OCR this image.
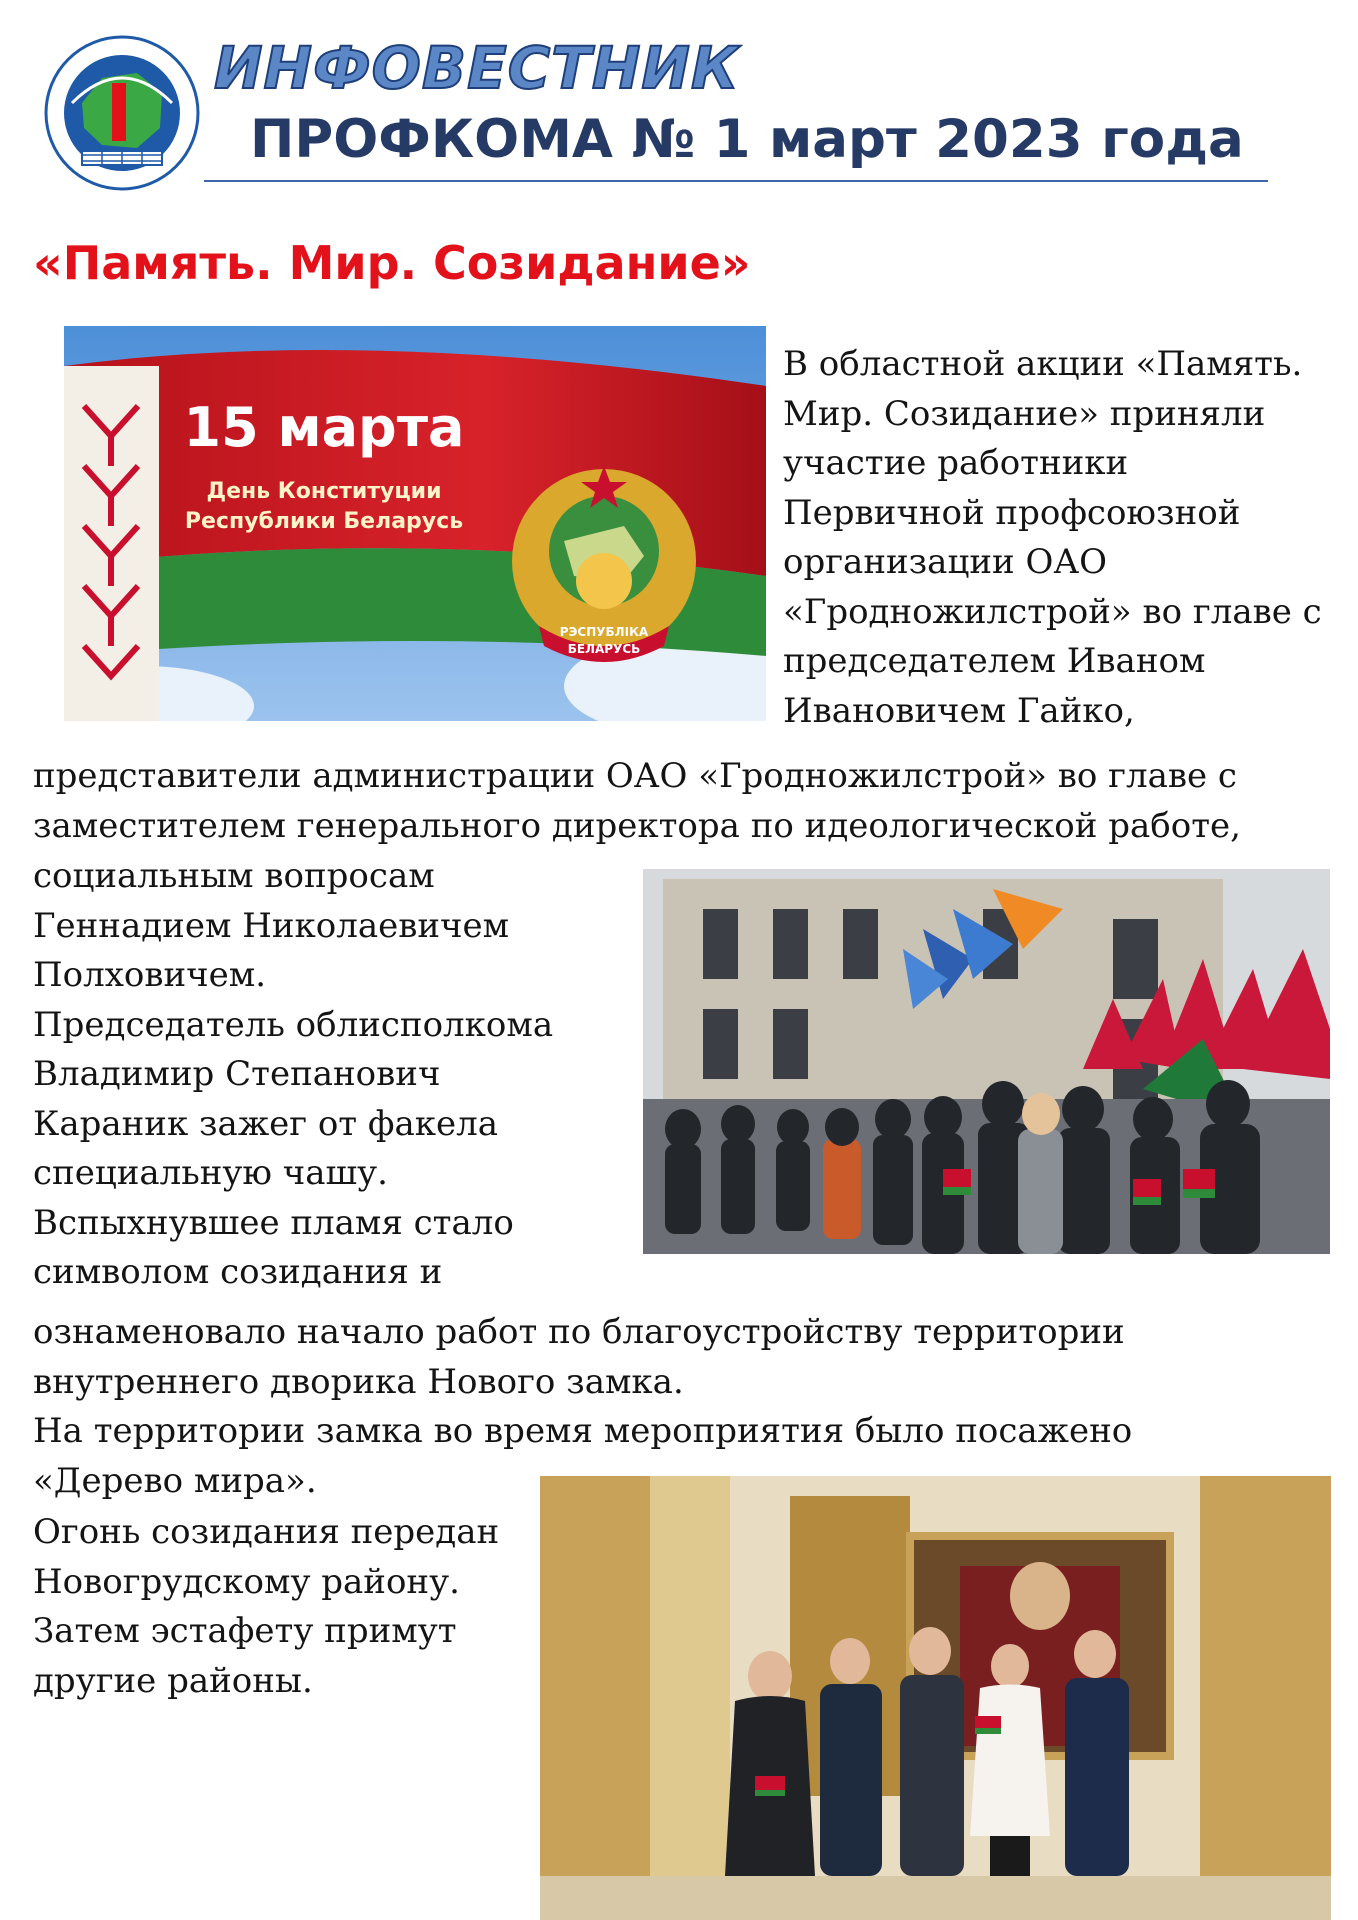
ИНФОВЕСТНИК
ПРОФКОМА № 1 март 2023 года
«Память. Мир. Созидание»
15 марта
День Конституции
Республики Беларусь
РЭСПУБЛІКА
БЕЛАРУСЬ
В областной акции «Память.
Мир. Созидание» приняли
участие работники
Первичной профсоюзной
организации ОАО
«Гродножилстрой» во главе с
председателем Иваном
Ивановичем Гайко,
представители администрации ОАО «Гродножилстрой» во главе с
заместителем генерального директора по идеологической работе,
социальным вопросам
Геннадием Николаевичем
Полховичем.
Председатель облисполкома
Владимир Степанович
Караник зажег от факела
специальную чашу.
Вспыхнувшее пламя стало
символом созидания и
ознаменовало начало работ по благоустройству территории
внутреннего дворика Нового замка.
На территории замка во время мероприятия было посажено
«Дерево мира».
Огонь созидания передан
Новогрудскому району.
Затем эстафету примут
другие районы.
